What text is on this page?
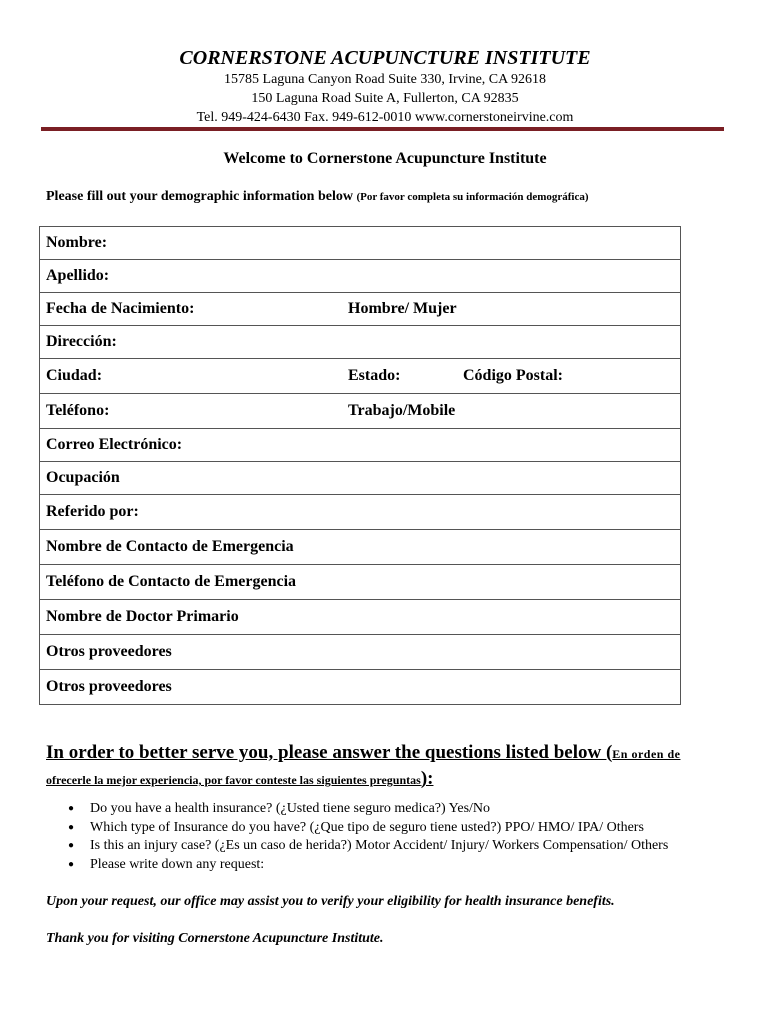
CORNERSTONE ACUPUNCTURE INSTITUTE
15785 Laguna Canyon Road Suite 330, Irvine, CA 92618
150 Laguna Road Suite A, Fullerton, CA 92835
Tel. 949-424-6430 Fax. 949-612-0010 www.cornerstoneirvine.com
Welcome to Cornerstone Acupuncture Institute
Please fill out your demographic information below (Por favor completa su información demográfica)
Nombre:
Apellido:

Fecha de Nacimiento:	Hombre/ Mujer

Dirección:

Ciudad:	Estado:	Código Postal:

Teléfono:	Trabajo/Mobile

Correo Electrónico:
Ocupación
Referido por:
Nombre de Contacto de Emergencia
Teléfono de Contacto de Emergencia
Nombre de Doctor Primario
Otros proveedores
Otros proveedores
In order to better serve you, please answer the questions listed below (En orden de
ofrecerle la mejor experiencia, por favor conteste las siguientes preguntas):
● Do you have a health insurance? (¿Usted tiene seguro medica?) Yes/No
● Which type of Insurance do you have? (¿Que tipo de seguro tiene usted?) PPO/ HMO/ IPA/ Others
● Is this an injury case? (¿Es un caso de herida?) Motor Accident/ Injury/ Workers Compensation/ Others
● Please write down any request:
Upon your request, our office may assist you to verify your eligibility for health insurance benefits.
Thank you for visiting Cornerstone Acupuncture Institute.
